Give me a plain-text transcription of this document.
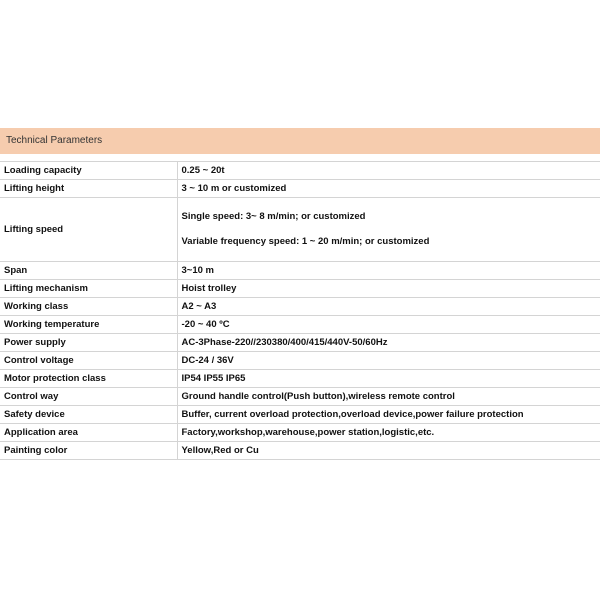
Technical Parameters
Loading capacity	0.25 ~ 20t
Lifting height	3 ~ 10 m or customized
Lifting speed	Single speed: 3~ 8 m/min; or customized
Variable frequency speed: 1 ~ 20 m/min; or customized

Span	3~10 m
Lifting mechanism	Hoist trolley
Working class	A2 ~ A3
Working temperature	-20 ~ 40 ºC
Power supply	AC-3Phase-220//230380/400/415/440V-50/60Hz
Control voltage	DC-24 / 36V
Motor protection class	IP54 IP55 IP65
Control way	Ground handle control(Push button),wireless remote control
Safety device	Buffer, current overload protection,overload device,power failure protection
Application area	Factory,workshop,warehouse,power station,logistic,etc.
Painting color	Yellow,Red or Cu
